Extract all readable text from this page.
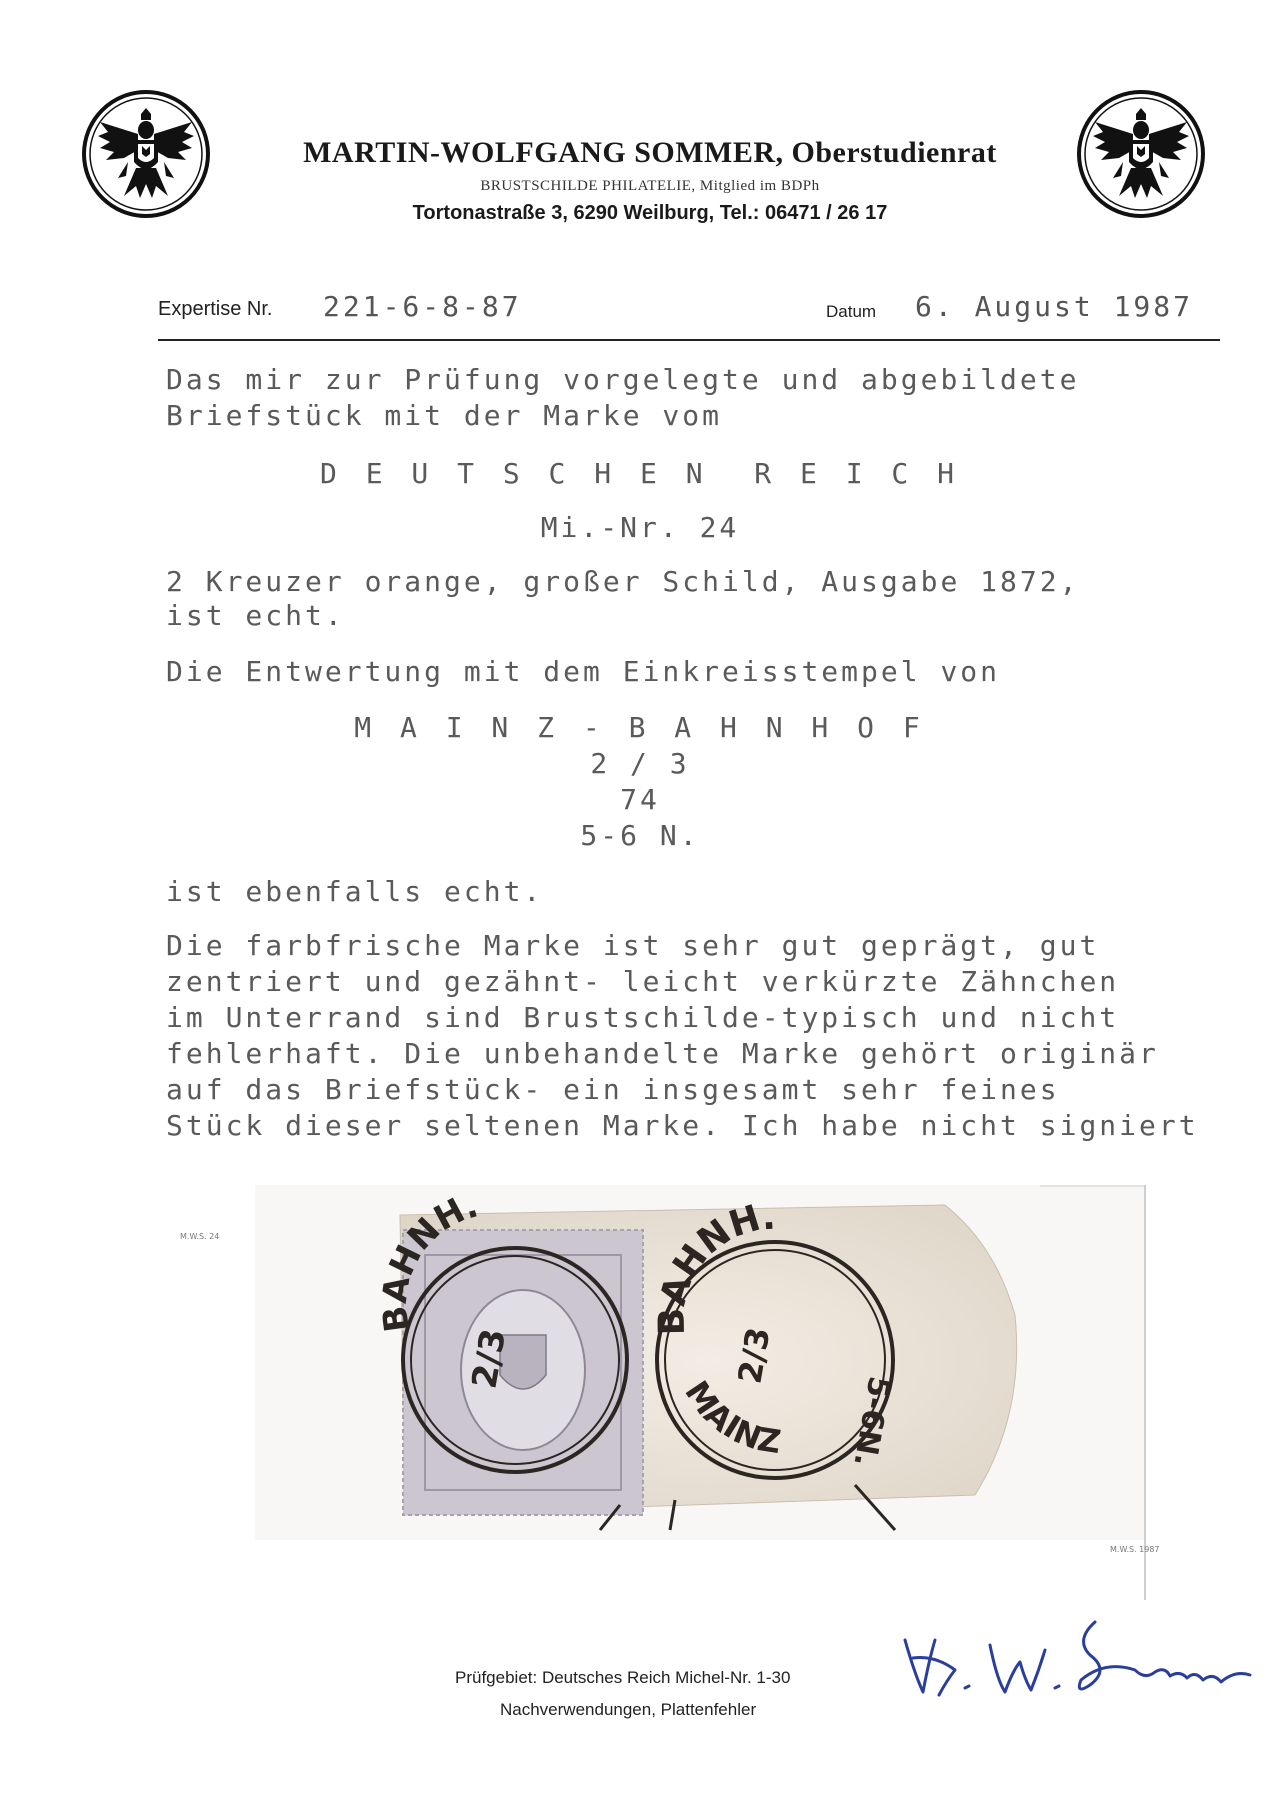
MARTIN-WOLFGANG SOMMER, Oberstudienrat
BRUSTSCHILDE PHILATELIE, Mitglied im BDPh
Tortonastraße 3, 6290 Weilburg, Tel.: 06471 / 26 17
Expertise Nr. 221-6-8-87	Datum 6. August 1987
Das mir zur Prüfung vorgelegte und abgebildete
Briefstück mit der Marke vom
D E U T S C H E N  R E I C H
Mi.-Nr. 24
2 Kreuzer orange, großer Schild, Ausgabe 1872,
ist echt.
Die Entwertung mit dem Einkreisstempel von
M A I N Z - B A H N H O F
2 / 3
74
5-6 N.
ist ebenfalls echt.
Die farbfrische Marke ist sehr gut geprägt, gut
zentriert und gezähnt- leicht verkürzte Zähnchen
im Unterrand sind Brustschilde-typisch und nicht
fehlerhaft. Die unbehandelte Marke gehört originär
auf das Briefstück- ein insgesamt sehr feines
Stück dieser seltenen Marke. Ich habe nicht signiert
M.W.S. 24
M.W.S. 1987
BAHNH.
2/3
BAHNH.
MAINZ
2/3
5-6N.
Prüfgebiet: Deutsches Reich Michel-Nr. 1-30
Nachverwendungen, Plattenfehler
